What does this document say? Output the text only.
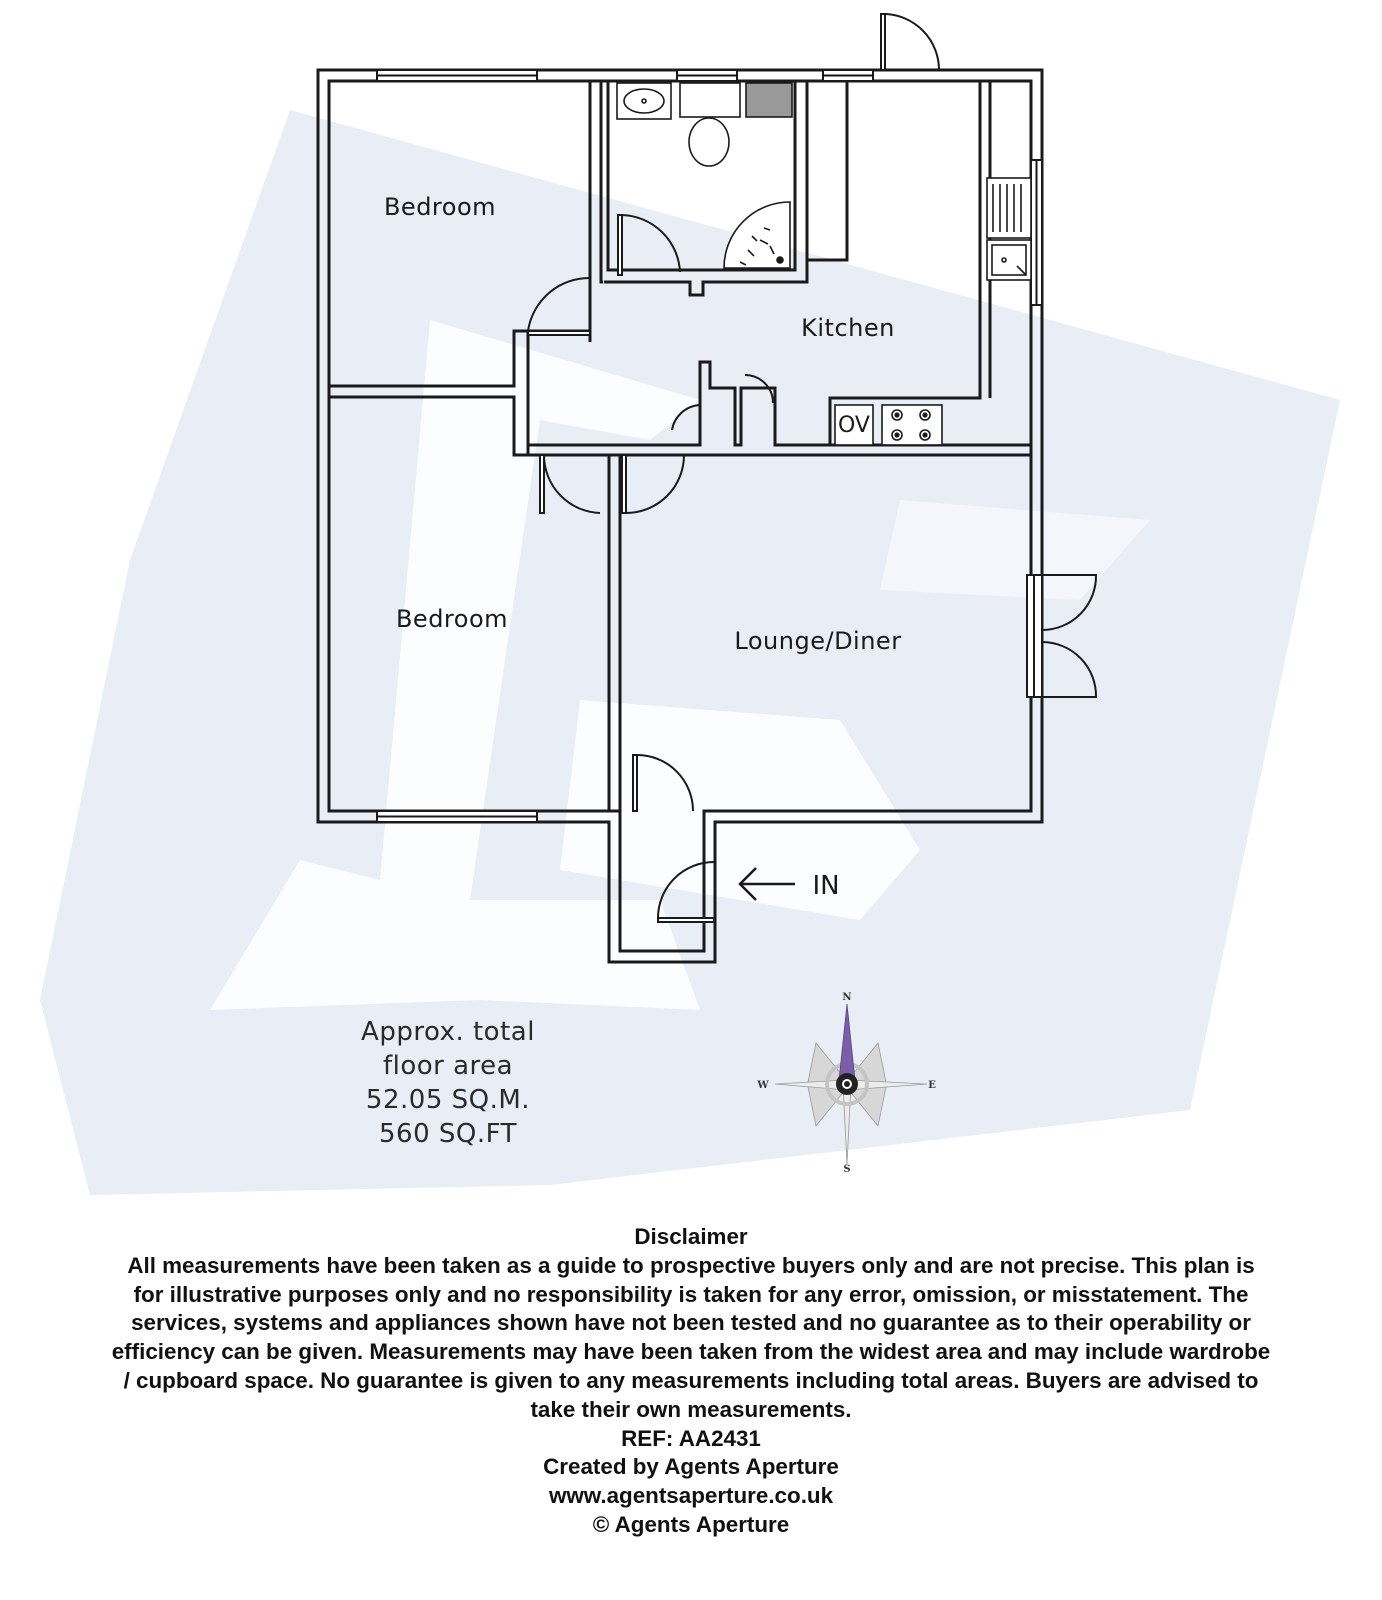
Bedroom
Kitchen
OV
Bedroom
Lounge/Diner
IN
Approx. total
floor area
52.05 SQ.M.
560 SQ.FT
N
E
S
W
Disclaimer
All measurements have been taken as a guide to prospective buyers only and are not precise. This plan is
for illustrative purposes only and no responsibility is taken for any error, omission, or misstatement. The
services, systems and appliances shown have not been tested and no guarantee as to their operability or
efficiency can be given. Measurements may have been taken from the widest area and may include wardrobe
/ cupboard space. No guarantee is given to any measurements including total areas. Buyers are advised to
take their own measurements.
REF: AA2431
Created by Agents Aperture
www.agentsaperture.co.uk
© Agents Aperture
